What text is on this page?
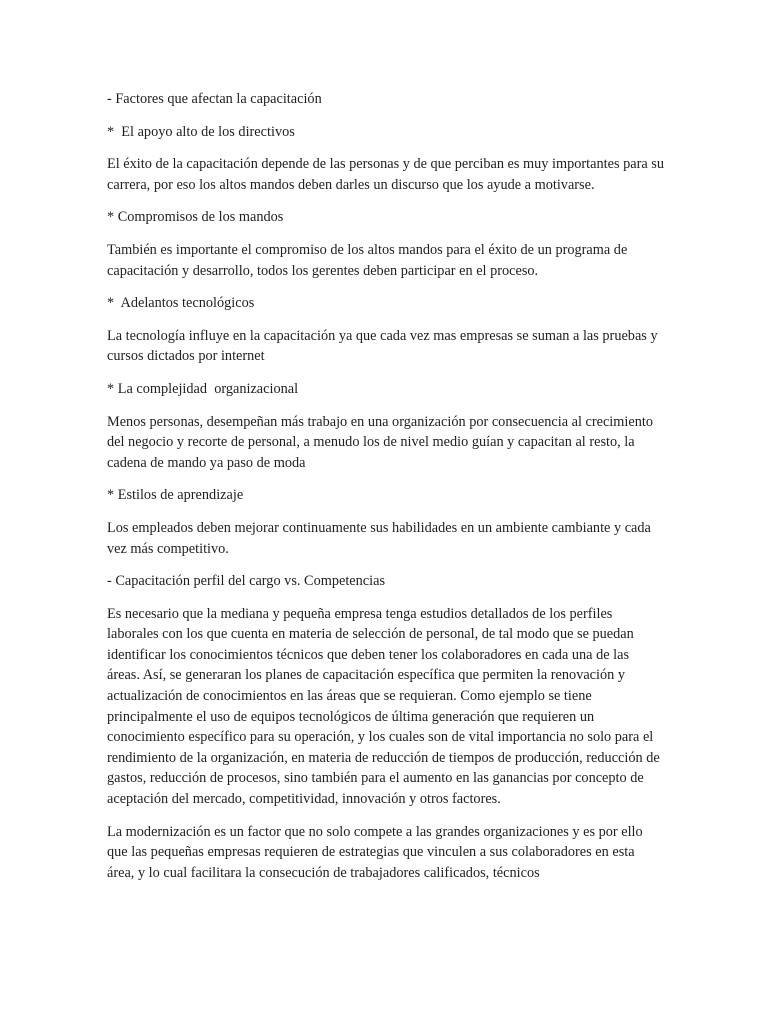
- Factores que afectan la capacitación

*  El apoyo alto de los directivos

El éxito de la capacitación depende de las personas y de que perciban es muy importantes para su carrera, por eso los altos mandos deben darles un discurso que los ayude a motivarse.

* Compromisos de los mandos

También es importante el compromiso de los altos mandos para el éxito de un programa de capacitación y desarrollo, todos los gerentes deben participar en el proceso.

*  Adelantos tecnológicos

La tecnología influye en la capacitación ya que cada vez mas empresas se suman a las pruebas y cursos dictados por internet

* La complejidad  organizacional

Menos personas, desempeñan más trabajo en una organización por consecuencia al crecimiento del negocio y recorte de personal, a menudo los de nivel medio guían y capacitan al resto, la cadena de mando ya paso de moda

* Estilos de aprendizaje

Los empleados deben mejorar continuamente sus habilidades en un ambiente cambiante y cada vez más competitivo.

- Capacitación perfil del cargo vs. Competencias

Es necesario que la mediana y pequeña empresa tenga estudios detallados de los perfiles laborales con los que cuenta en materia de selección de personal, de tal modo que se puedan identificar los conocimientos técnicos que deben tener los colaboradores en cada una de las áreas. Así, se generaran los planes de capacitación específica que permiten la renovación y actualización de conocimientos en las áreas que se requieran. Como ejemplo se tiene principalmente el uso de equipos tecnológicos de última generación que requieren un conocimiento específico para su operación, y los cuales son de vital importancia no solo para el rendimiento de la organización, en materia de reducción de tiempos de producción, reducción de gastos, reducción de procesos, sino también para el aumento en las ganancias por concepto de aceptación del mercado, competitividad, innovación y otros factores.

La modernización es un factor que no solo compete a las grandes organizaciones y es por ello que las pequeñas empresas requieren de estrategias que vinculen a sus colaboradores en esta área, y lo cual facilitara la consecución de trabajadores calificados, técnicos
